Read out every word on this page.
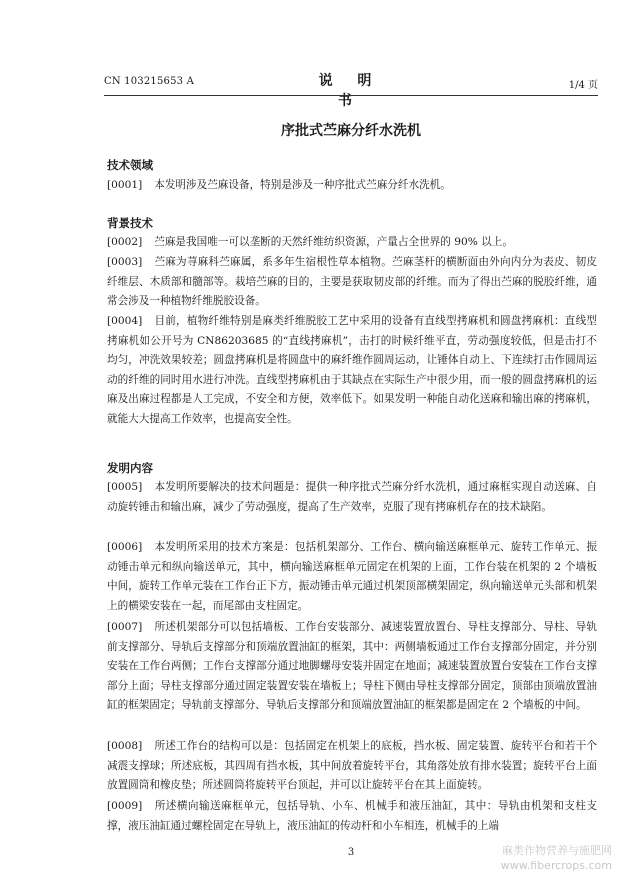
CN 103215653 A	说 明 书
1/4 页
序批式苎麻分纤水洗机
技术领域

[0001] 本发明涉及苎麻设备，特别是涉及一种序批式苎麻分纤水洗机。

背景技术

[0002] 苎麻是我国唯一可以垄断的天然纤维纺织资源，产量占全世界的 90% 以上。

[0003] 苎麻为荨麻科苎麻属，系多年生宿根性草本植物。苎麻茎杆的横断面由外向内分为表皮、韧皮纤维层、木质部和髓部等。栽培苎麻的目的，主要是获取韧皮部的纤维。而为了得出苎麻的脱胶纤维，通常会涉及一种植物纤维脱胶设备。

[0004] 目前，植物纤维特别是麻类纤维脱胶工艺中采用的设备有直线型拷麻机和圆盘拷麻机：直线型拷麻机如公开号为 CN86203685 的“直线拷麻机”，击打的时候纤维平直，劳动强度较低，但是击打不均匀，冲洗效果较差；圆盘拷麻机是将圆盘中的麻纤维作圆周运动，让锤体自动上、下连续打击作圆周运动的纤维的同时用水进行冲洗。直线型拷麻机由于其缺点在实际生产中很少用，而一般的圆盘拷麻机的运麻及出麻过程都是人工完成，不安全和方便，效率低下。如果发明一种能自动化送麻和输出麻的拷麻机，就能大大提高工作效率，也提高安全性。

发明内容

[0005] 本发明所要解决的技术问题是：提供一种序批式苎麻分纤水洗机，通过麻框实现自动送麻、自动旋转锤击和输出麻，减少了劳动强度，提高了生产效率，克服了现有拷麻机存在的技术缺陷。

[0006] 本发明所采用的技术方案是：包括机架部分、工作台、横向输送麻框单元、旋转工作单元、振动锤击单元和纵向输送单元，其中，横向输送麻框单元固定在机架的上面，工作台装在机架的 2 个墙板中间，旋转工作单元装在工作台正下方，振动锤击单元通过机架顶部横架固定，纵向输送单元头部和机架上的横梁安装在一起，而尾部由支柱固定。

[0007] 所述机架部分可以包括墙板、工作台安装部分、减速装置放置台、导柱支撑部分、导柱、导轨前支撑部分、导轨后支撑部分和顶端放置油缸的框架，其中：两侧墙板通过工作台支撑部分固定，并分别安装在工作台两侧；工作台支撑部分通过地脚螺母安装并固定在地面；减速装置放置台安装在工作台支撑部分上面；导柱支撑部分通过固定装置安装在墙板上；导柱下侧由导柱支撑部分固定，顶部由顶端放置油缸的框架固定；导轨前支撑部分、导轨后支撑部分和顶端放置油缸的框架都是固定在 2 个墙板的中间。

[0008] 所述工作台的结构可以是：包括固定在机架上的底板，挡水板、固定装置、旋转平台和若干个减震支撑球；所述底板，其四周有挡水板，其中间放着旋转平台，其角落处放有排水装置；旋转平台上面放置圆筒和橡皮垫；所述圆筒将旋转平台顶起，并可以让旋转平台在其上面旋转。

[0009] 所述横向输送麻框单元，包括导轨、小车、机械手和液压油缸，其中：导轨由机架和支柱支撑，液压油缸通过螺栓固定在导轨上，液压油缸的传动杆和小车相连，机械手的上端

3	麻类作物营养与施肥网
www.fibercrops.com
